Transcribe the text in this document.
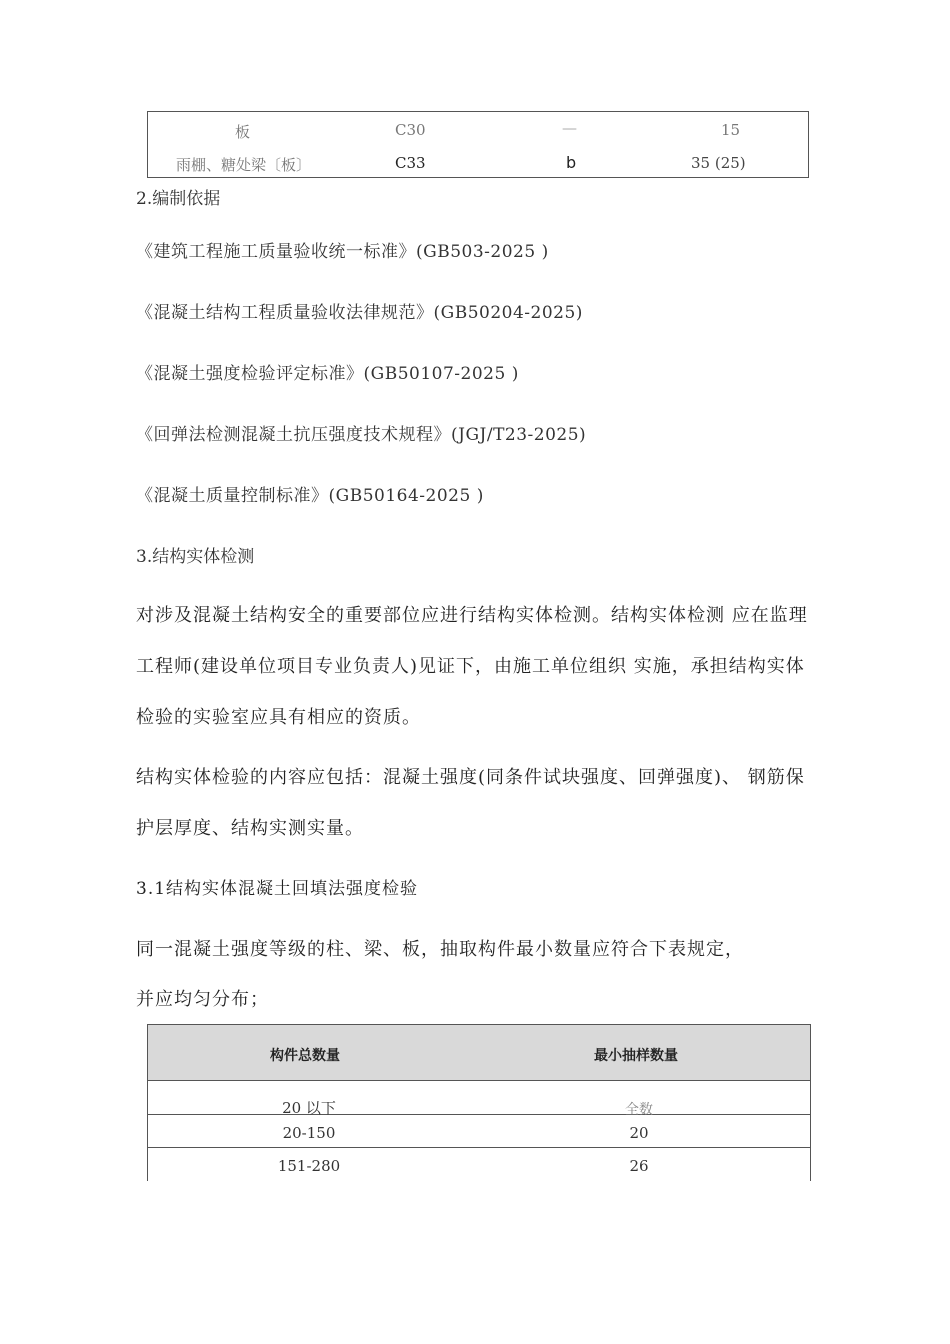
板	C30	—	15
雨棚、糖处梁〔板〕	C33	b	35 (25)
2.编制依据
《建筑工程施工质量验收统一标准》(GB503-2025 )
《混凝土结构工程质量验收法律规范》(GB50204-2025)
《混凝土强度检验评定标准》(GB50107-2025 )
《回弹法检测混凝土抗压强度技术规程》(JGJ/T23-2025)
《混凝土质量控制标准》(GB50164-2025 )
3.结构实体检测
对涉及混凝土结构安全的重要部位应进行结构实体检测。结构实体检测 应在监理
工程师(建设单位项目专业负责人)见证下，由施工单位组织 实施，承担结构实体
检验的实验室应具有相应的资质。
结构实体检验的内容应包括：混凝土强度(同条件试块强度、回弹强度)、 钢筋保
护层厚度、结构实测实量。
3.1结构实体混凝土回填法强度检验
同一混凝土强度等级的柱、梁、板，抽取构件最小数量应符合下表规定，
并应均匀分布；
构件总数量	最小抽样数量
20 以下	全数
20-150	20
151-280	26
